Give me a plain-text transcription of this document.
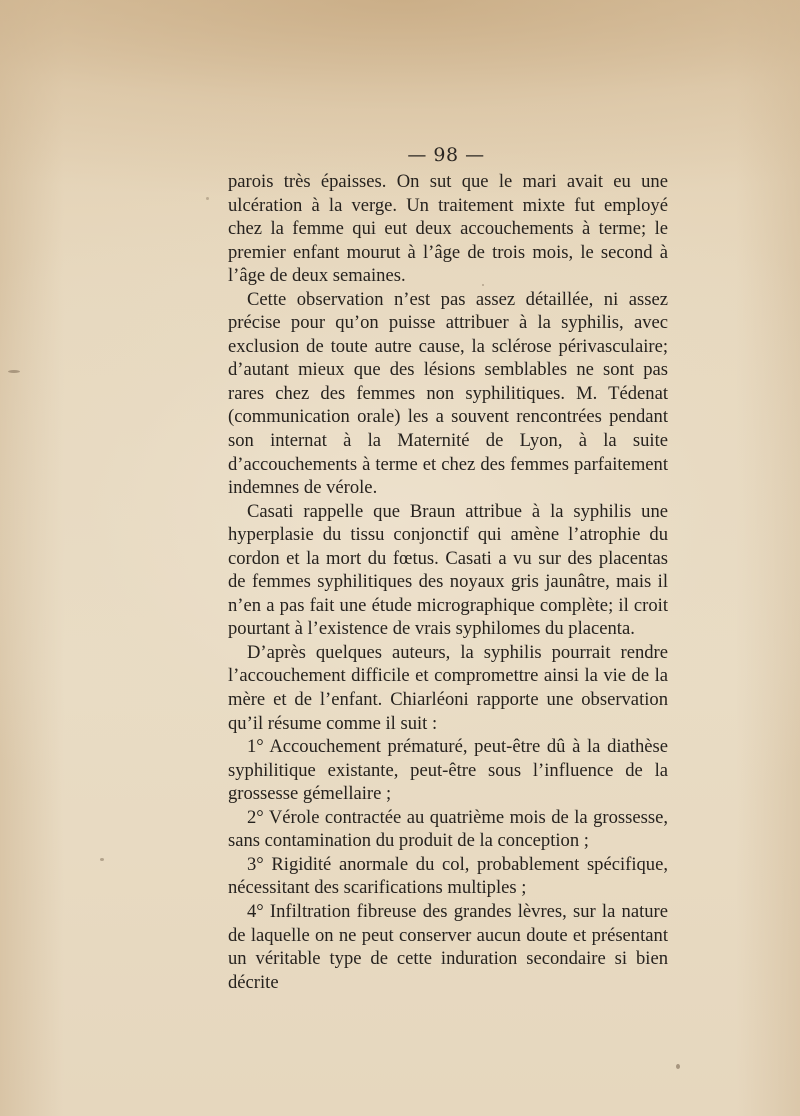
— 98 —

parois très épaisses. On sut que le mari avait eu une ulcération à la verge. Un traitement mixte fut employé chez la femme qui eut deux accouchements à terme; le premier enfant mourut à l’âge de trois mois, le second à l’âge de deux semaines.

Cette observation n’est pas assez détaillée, ni assez précise pour qu’on puisse attribuer à la syphilis, avec exclusion de toute autre cause, la sclérose périvasculaire; d’autant mieux que des lésions semblables ne sont pas rares chez des femmes non syphilitiques. M. Tédenat (communication orale) les a souvent rencontrées pendant son internat à la Maternité de Lyon, à la suite d’accouchements à terme et chez des femmes parfaitement indemnes de vérole.

Casati rappelle que Braun attribue à la syphilis une hyperplasie du tissu conjonctif qui amène l’atrophie du cordon et la mort du fœtus. Casati a vu sur des placentas de femmes syphilitiques des noyaux gris jaunâtre, mais il n’en a pas fait une étude micrographique complète; il croit pourtant à l’existence de vrais syphilomes du placenta.

D’après quelques auteurs, la syphilis pourrait rendre l’accouchement difficile et compromettre ainsi la vie de la mère et de l’enfant. Chiarléoni rapporte une observation qu’il résume comme il suit :

1° Accouchement prématuré, peut-être dû à la diathèse syphilitique existante, peut-être sous l’influence de la grossesse gémellaire ;

2° Vérole contractée au quatrième mois de la grossesse, sans contamination du produit de la conception ;

3° Rigidité anormale du col, probablement spécifique, nécessitant des scarifications multiples ;

4° Infiltration fibreuse des grandes lèvres, sur la nature de laquelle on ne peut conserver aucun doute et présentant un véritable type de cette induration secondaire si bien décrite
